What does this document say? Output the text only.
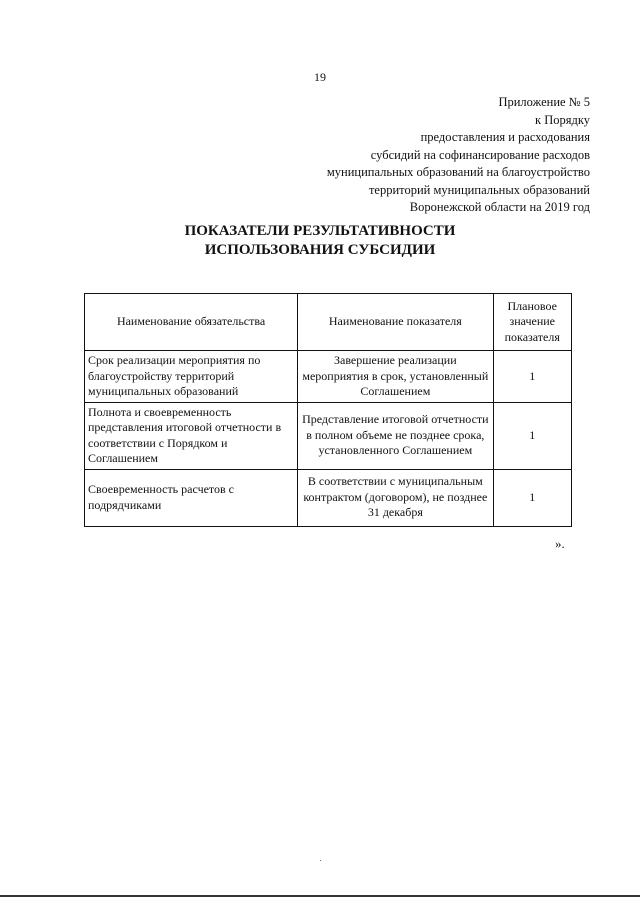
19
Приложение № 5
к Порядку
предоставления и расходования
субсидий на софинансирование расходов
муниципальных образований на благоустройство
территорий муниципальных образований
Воронежской области на 2019 год
ПОКАЗАТЕЛИ РЕЗУЛЬТАТИВНОСТИ
ИСПОЛЬЗОВАНИЯ СУБСИДИИ
Наименование обязательства	Наименование показателя	Плановое значение показателя
Срок реализации мероприятия по благоустройству территорий муниципальных образований	Завершение реализации мероприятия в срок, установленный Соглашением	1
Полнота и своевременность представления итоговой отчетности в соответствии с Порядком и Соглашением	Представление итоговой отчетности в полном объеме не позднее срока, установленного Соглашением	1
Своевременность расчетов с подрядчиками	В соответствии с муниципальным контрактом (договором), не позднее 31 декабря	1
».
